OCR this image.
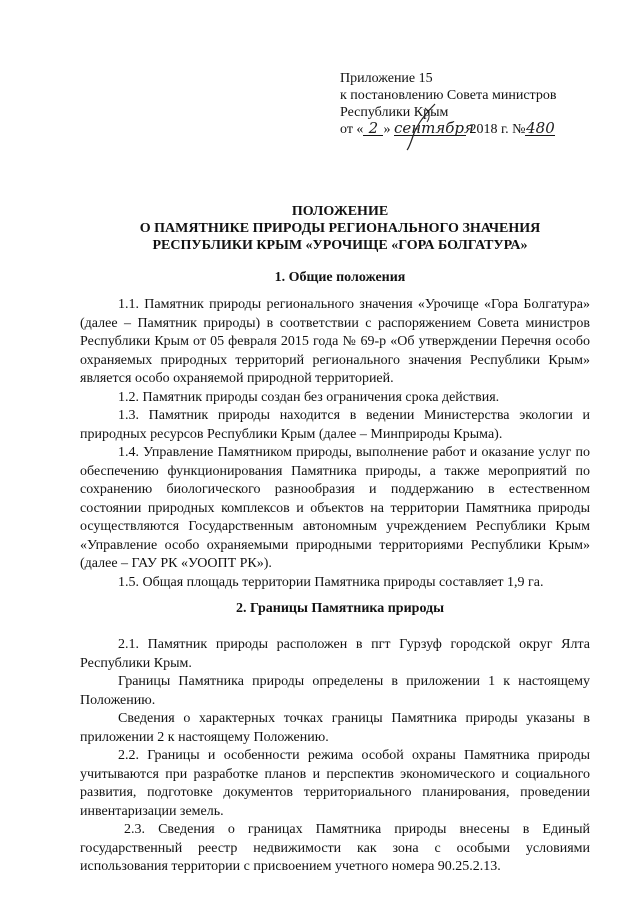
Приложение 15
к постановлению Совета министров
Республики Крым
от « 2 » сентября 2018 г. №480
ПОЛОЖЕНИЕ
О ПАМЯТНИКЕ ПРИРОДЫ РЕГИОНАЛЬНОГО ЗНАЧЕНИЯ
РЕСПУБЛИКИ КРЫМ «УРОЧИЩЕ «ГОРА БОЛГАТУРА»
1. Общие положения

1.1. Памятник природы регионального значения «Урочище «Гора Болгатура» (далее – Памятник природы) в соответствии с распоряжением Совета министров Республики Крым от 05 февраля 2015 года № 69-р «Об утверждении Перечня особо охраняемых природных территорий регионального значения Республики Крым» является особо охраняемой природной территорией.

1.2. Памятник природы создан без ограничения срока действия.

1.3. Памятник природы находится в ведении Министерства экологии и природных ресурсов Республики Крым (далее – Минприроды Крыма).

1.4. Управление Памятником природы, выполнение работ и оказание услуг по обеспечению функционирования Памятника природы, а также мероприятий по сохранению биологического разнообразия и поддержанию в естественном состоянии природных комплексов и объектов на территории Памятника природы осуществляются Государственным автономным учреждением Республики Крым «Управление особо охраняемыми природными территориями Республики Крым» (далее – ГАУ РК «УООПТ РК»).

1.5. Общая площадь территории Памятника природы составляет 1,9 га.

2. Границы Памятника природы

2.1. Памятник природы расположен в пгт Гурзуф городской округ Ялта Республики Крым.

Границы Памятника природы определены в приложении 1 к настоящему Положению.

Сведения о характерных точках границы Памятника природы указаны в приложении 2 к настоящему Положению.

2.2. Границы и особенности режима особой охраны Памятника природы учитываются при разработке планов и перспектив экономического и социального развития, подготовке документов территориального планирования, проведении инвентаризации земель.

2.3. Сведения о границах Памятника природы внесены в Единый государственный реестр недвижимости как зона с особыми условиями использования территории с присвоением учетного номера 90.25.2.13.
